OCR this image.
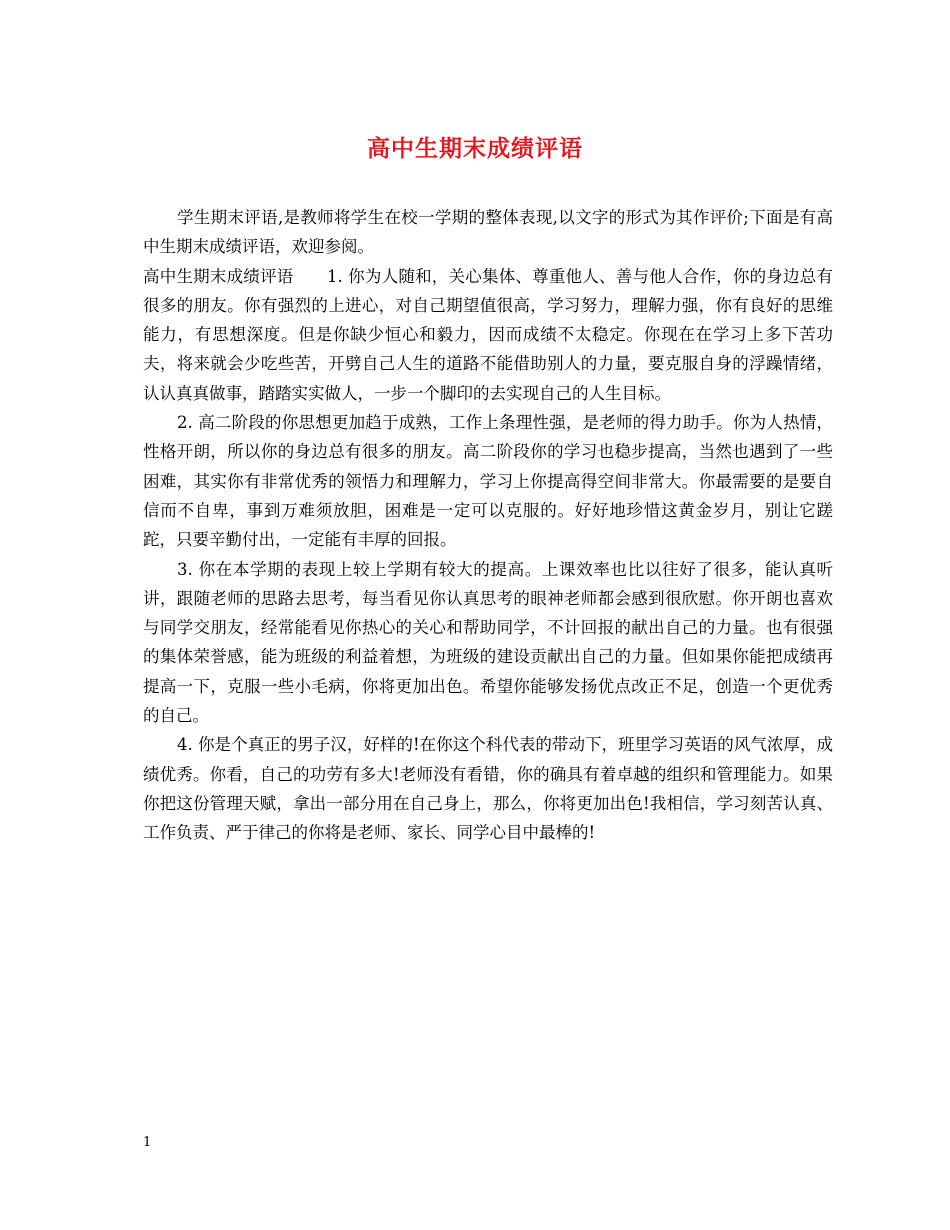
高中生期末成绩评语

学生期末评语,是教师将学生在校一学期的整体表现,以文字的形式为其作评价;下面是有高中生期末成绩评语，欢迎参阅。

高中生期末成绩评语　　1. 你为人随和，关心集体、尊重他人、善与他人合作，你的身边总有很多的朋友。你有强烈的上进心，对自己期望值很高，学习努力，理解力强，你有良好的思维能力，有思想深度。但是你缺少恒心和毅力，因而成绩不太稳定。你现在在学习上多下苦功夫，将来就会少吃些苦，开劈自己人生的道路不能借助别人的力量，要克服自身的浮躁情绪，认认真真做事，踏踏实实做人，一步一个脚印的去实现自己的人生目标。

2. 高二阶段的你思想更加趋于成熟，工作上条理性强，是老师的得力助手。你为人热情，性格开朗，所以你的身边总有很多的朋友。高二阶段你的学习也稳步提高，当然也遇到了一些困难，其实你有非常优秀的领悟力和理解力，学习上你提高得空间非常大。你最需要的是要自信而不自卑，事到万难须放胆，困难是一定可以克服的。好好地珍惜这黄金岁月，别让它蹉跎，只要辛勤付出，一定能有丰厚的回报。

3. 你在本学期的表现上较上学期有较大的提高。上课效率也比以往好了很多，能认真听讲，跟随老师的思路去思考，每当看见你认真思考的眼神老师都会感到很欣慰。你开朗也喜欢与同学交朋友，经常能看见你热心的关心和帮助同学，不计回报的献出自己的力量。也有很强的集体荣誉感，能为班级的利益着想，为班级的建设贡献出自己的力量。但如果你能把成绩再提高一下，克服一些小毛病，你将更加出色。希望你能够发扬优点改正不足，创造一个更优秀的自己。

4. 你是个真正的男子汉，好样的!在你这个科代表的带动下，班里学习英语的风气浓厚，成绩优秀。你看，自己的功劳有多大!老师没有看错，你的确具有着卓越的组织和管理能力。如果你把这份管理天赋，拿出一部分用在自己身上，那么，你将更加出色!我相信，学习刻苦认真、工作负责、严于律己的你将是老师、家长、同学心目中最棒的!

1
